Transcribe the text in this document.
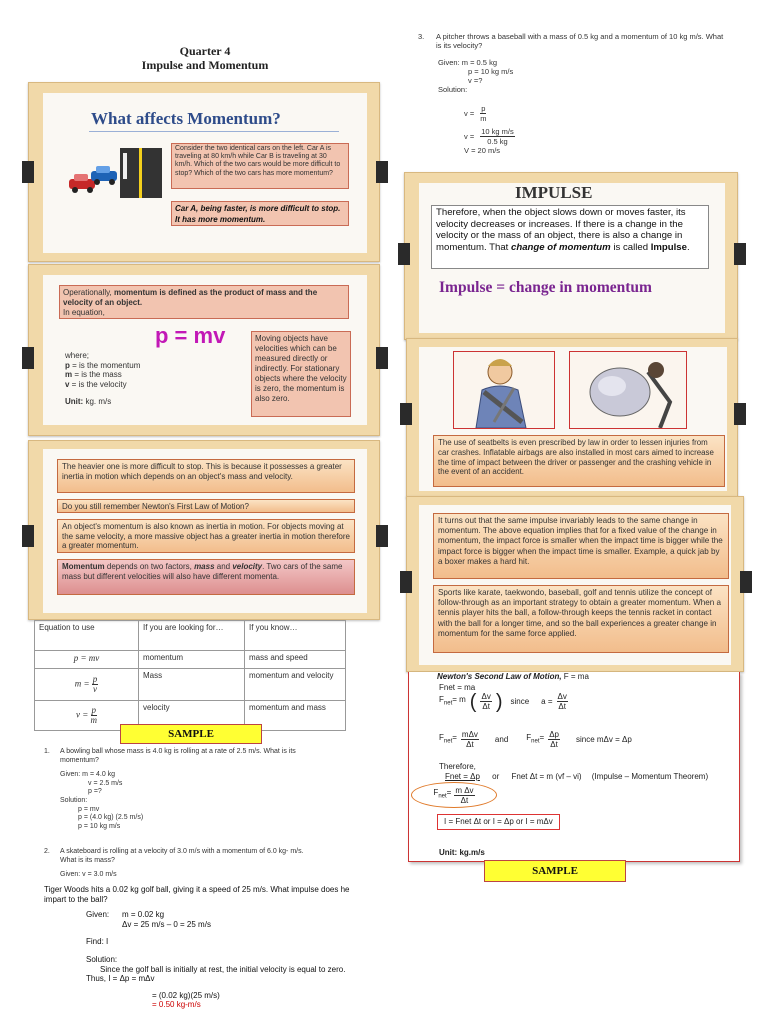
Quarter 4
Impulse and Momentum
What affects Momentum?
Consider the two identical cars on the left. Car A is traveling at 80 km/h while Car B is traveling at 30 km/h. Which of the two cars would be more difficult to stop? Which of the two cars has more momentum?
Car A, being faster, is more difficult to stop. It has more momentum.
Operationally, momentum is defined as the product of mass and the velocity of an object.
In equation,
p = mv
where;
p = is the momentum
m = is the mass
v = is the velocity
Unit: kg. m/s
Moving objects have velocities which can be measured directly or indirectly. For stationary objects where the velocity is zero, the momentum is also zero.
The heavier one is more difficult to stop. This is because it possesses a greater inertia in motion which depends on an object's mass and velocity.
Do you still remember Newton's First Law of Motion?
An object's momentum is also known as inertia in motion. For objects moving at the same velocity, a more massive object has a greater inertia in motion therefore a greater momentum.
Momentum depends on two factors, mass and velocity. Two cars of the same mass but different velocities will also have different momenta.
Equation to use	If you are looking for…	If you know…
p = mv	momentum	mass and speed
$m = \frac{p}{v}$	Mass	momentum and velocity
$v = \frac{p}{m}$	velocity	momentum and mass
SAMPLE
1.	A bowling ball whose mass is 4.0 kg is rolling at a rate of 2.5 m/s. What is its momentum?
Given: m = 4.0 kg
v = 2.5 m/s
p =?
Solution:
p = mv
p = (4.0 kg) (2.5 m/s)
p = 10 kg m/s
2.	A skateboard is rolling at a velocity of 3.0 m/s with a momentum of 6.0 kg- m/s. What is its mass?
Given: v = 3.0 m/s
Tiger Woods hits a 0.02 kg golf ball, giving it a speed of 25 m/s. What impulse does he impart to the ball?
Given:	m = 0.02 kg
Δv = 25 m/s – 0 = 25 m/s
Find: I
Solution:
Since the golf ball is initially at rest, the initial velocity is equal to zero.
Thus, I = Δp = mΔv
= (0.02 kg)(25 m/s)
= 0.50 kg-m/s
3.	A pitcher throws a baseball with a mass of 0.5 kg and a momentum of 10 kg m/s. What is its velocity?
Given: m = 0.5 kg
p = 10 kg m/s
v =?
Solution:
$v = \frac{p}{m}$
$v = \frac{\text{10 kg m/s}}{0.5 kg}$
V = 20 m/s
IMPULSE
Therefore, when the object slows down or moves faster, its velocity decreases or increases. If there is a change in the velocity or the mass of an object, there is also a change in momentum. That change of momentum is called Impulse.
Impulse = change in momentum
The use of seatbelts is even prescribed by law in order to lessen injuries from car crashes. Inflatable airbags are also installed in most cars aimed to increase the time of impact between the driver or passenger and the crashing vehicle in the event of an accident.
It turns out that the same impulse invariably leads to the same change in momentum. The above equation implies that for a fixed value of the change in momentum, the impact force is smaller when the impact time is bigger while the impact force is bigger when the impact time is smaller. Example, a quick jab by a boxer makes a hard hit.
Sports like karate, taekwondo, baseball, golf and tennis utilize the concept of follow-through as an important strategy to obtain a greater momentum. When a tennis player hits the ball, a follow-through keeps the tennis racket in contact with the ball for a longer time, and so the ball experiences a greater change in momentum for the same force applied.
Newton's Second Law of Motion, F = ma
Fnet = ma
$F_{net}= m$ ( $\frac{\Delta v}{\Delta t}$ ) since $a = \frac{\Delta v}{\Delta t}$
$F_{net}= \frac{\text{mΔv}}{\Delta t}$ and $F_{net}= \frac{\Delta p}{\Delta t}$ since mΔv = Δp
Therefore,
Fnet = Δp or Fnet Δt = m (vf – vi) (Impulse – Momentum Theorem)
$F_{net}= \frac{\text{m Δv}}{\Delta t}$
I = Fnet Δt or I = Δp or I = mΔv
Unit: kg.m/s
SAMPLE
